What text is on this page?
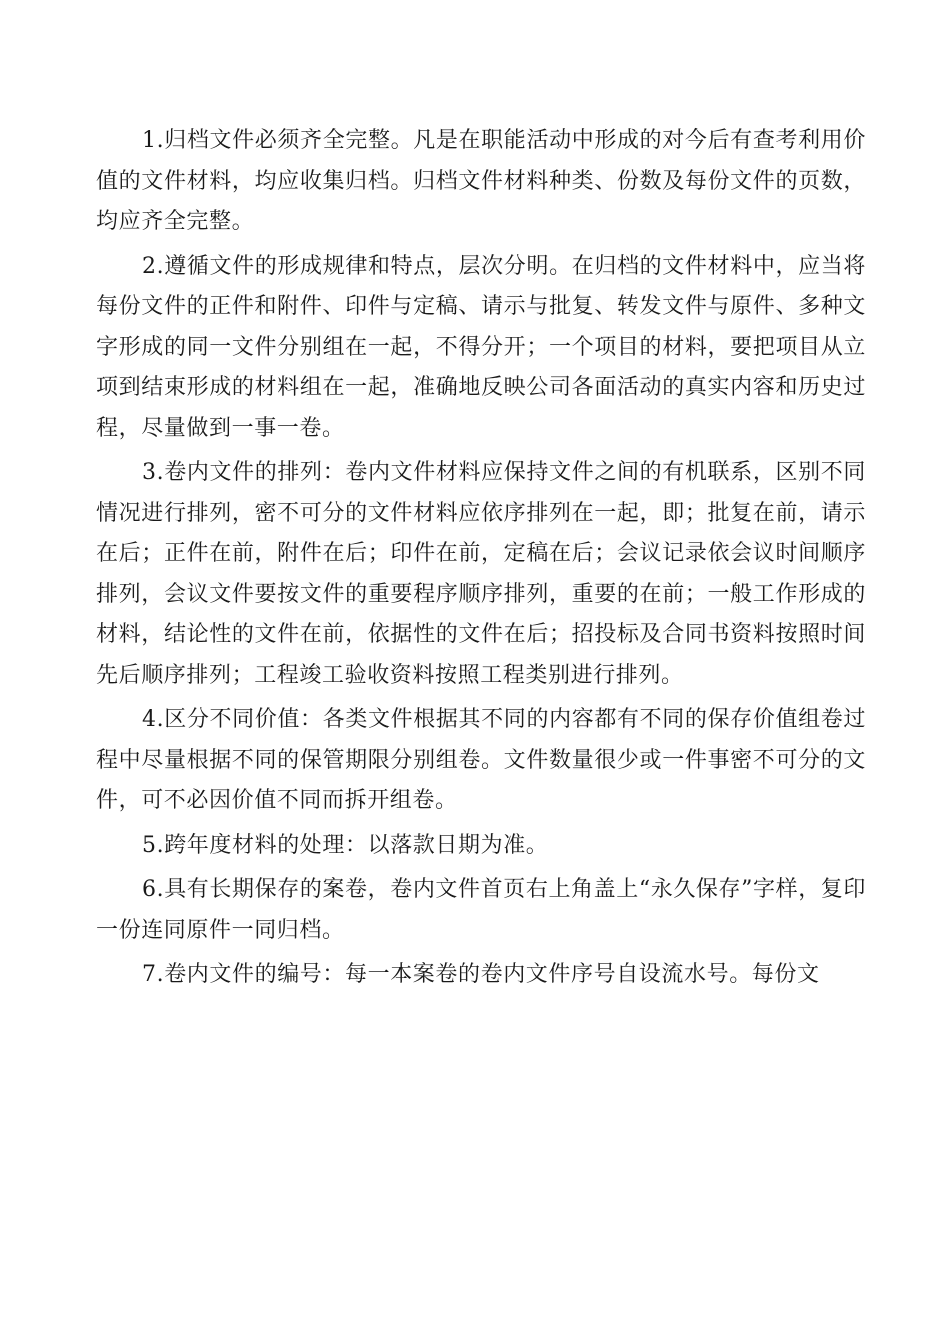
1.归档文件必须齐全完整。凡是在职能活动中形成的对今后有查考利用价值的文件材料，均应收集归档。归档文件材料种类、份数及每份文件的页数，均应齐全完整。

2.遵循文件的形成规律和特点，层次分明。在归档的文件材料中，应当将每份文件的正件和附件、印件与定稿、请示与批复、转发文件与原件、多种文字形成的同一文件分别组在一起，不得分开；一个项目的材料，要把项目从立项到结束形成的材料组在一起，准确地反映公司各面活动的真实内容和历史过程，尽量做到一事一卷。

3.卷内文件的排列：卷内文件材料应保持文件之间的有机联系，区别不同情况进行排列，密不可分的文件材料应依序排列在一起，即；批复在前，请示在后；正件在前，附件在后；印件在前，定稿在后；会议记录依会议时间顺序排列，会议文件要按文件的重要程序顺序排列，重要的在前；一般工作形成的材料，结论性的文件在前，依据性的文件在后；招投标及合同书资料按照时间先后顺序排列；工程竣工验收资料按照工程类别进行排列。

4.区分不同价值：各类文件根据其不同的内容都有不同的保存价值组卷过程中尽量根据不同的保管期限分别组卷。文件数量很少或一件事密不可分的文件，可不必因价值不同而拆开组卷。

5.跨年度材料的处理：以落款日期为准。

6.具有长期保存的案卷，卷内文件首页右上角盖上“永久保存”字样，复印一份连同原件一同归档。

7.卷内文件的编号：每一本案卷的卷内文件序号自设流水号。每份文
